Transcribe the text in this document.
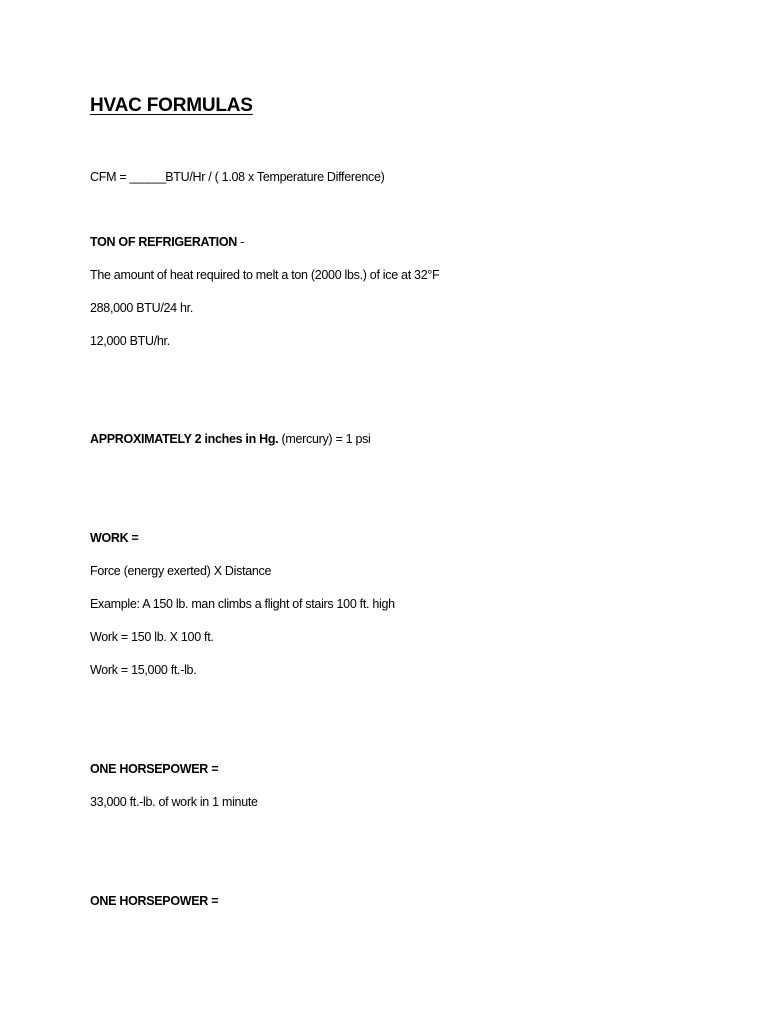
HVAC FORMULAS
CFM = ______BTU/Hr / ( 1.08 x Temperature Difference)
TON OF REFRIGERATION -
The amount of heat required to melt a ton (2000 lbs.) of ice at 32°F
288,000 BTU/24 hr.
12,000 BTU/hr.
APPROXIMATELY 2 inches in Hg. (mercury) = 1 psi
WORK =
Force (energy exerted) X Distance
Example: A 150 lb. man climbs a flight of stairs 100 ft. high
Work = 150 lb. X 100 ft.
Work = 15,000 ft.-lb.
ONE HORSEPOWER =
33,000 ft.-lb. of work in 1 minute
ONE HORSEPOWER =
